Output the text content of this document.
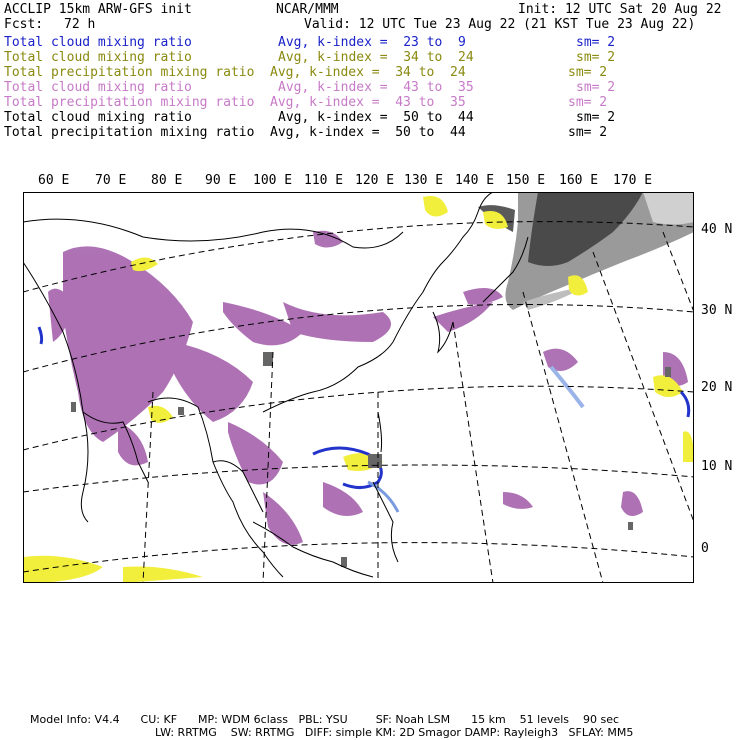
ACCLIP 15km ARW-GFS init	NCAR/MMM	Init: 12 UTC Sat 20 Aug 22
Fcst: 72 h	Valid: 12 UTC Tue 23 Aug 22 (21 KST Tue 23 Aug 22)
Total cloud mixing ratio	Avg, k-index =  23 to  9	sm= 2
Total cloud mixing ratio	Avg, k-index =  34 to  24	sm= 2
Total precipitation mixing ratio Avg, k-index =  34 to  24	sm= 2
Total cloud mixing ratio	Avg, k-index =  43 to  35	sm= 2
Total precipitation mixing ratio Avg, k-index =  43 to  35	sm= 2
Total cloud mixing ratio	Avg, k-index =  50 to  44	sm= 2
Total precipitation mixing ratio Avg, k-index =  50 to  44	sm= 2
60 E 70 E 80 E 90 E 100 E 110 E 120 E 130 E 140 E 150 E 160 E 170 E
40 N
30 N
20 N
10 N
0
Model Info: V4.4      CU: KF      MP: WDM 6class   PBL: YSU        SF: Noah LSM      15 km    51 levels    90 sec
LW: RRTMG    SW: RRTMG   DIFF: simple KM: 2D Smagor DAMP: Rayleigh3   SFLAY: MM5
